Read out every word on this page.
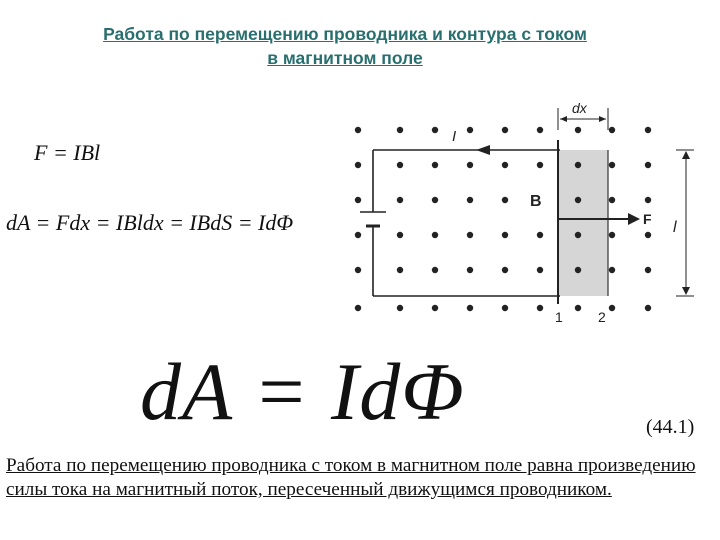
Работа по перемещению проводника и контура с током
в магнитном поле
F = IBl
dA = Fdx = IBldx = IBdS = IdΦ
I
F
B
dx
l
1	2
dA = IdΦ	(44.1)
Работа по перемещению проводника с током в магнитном поле равна произведению силы тока на магнитный поток, пересеченный движущимся проводником.
